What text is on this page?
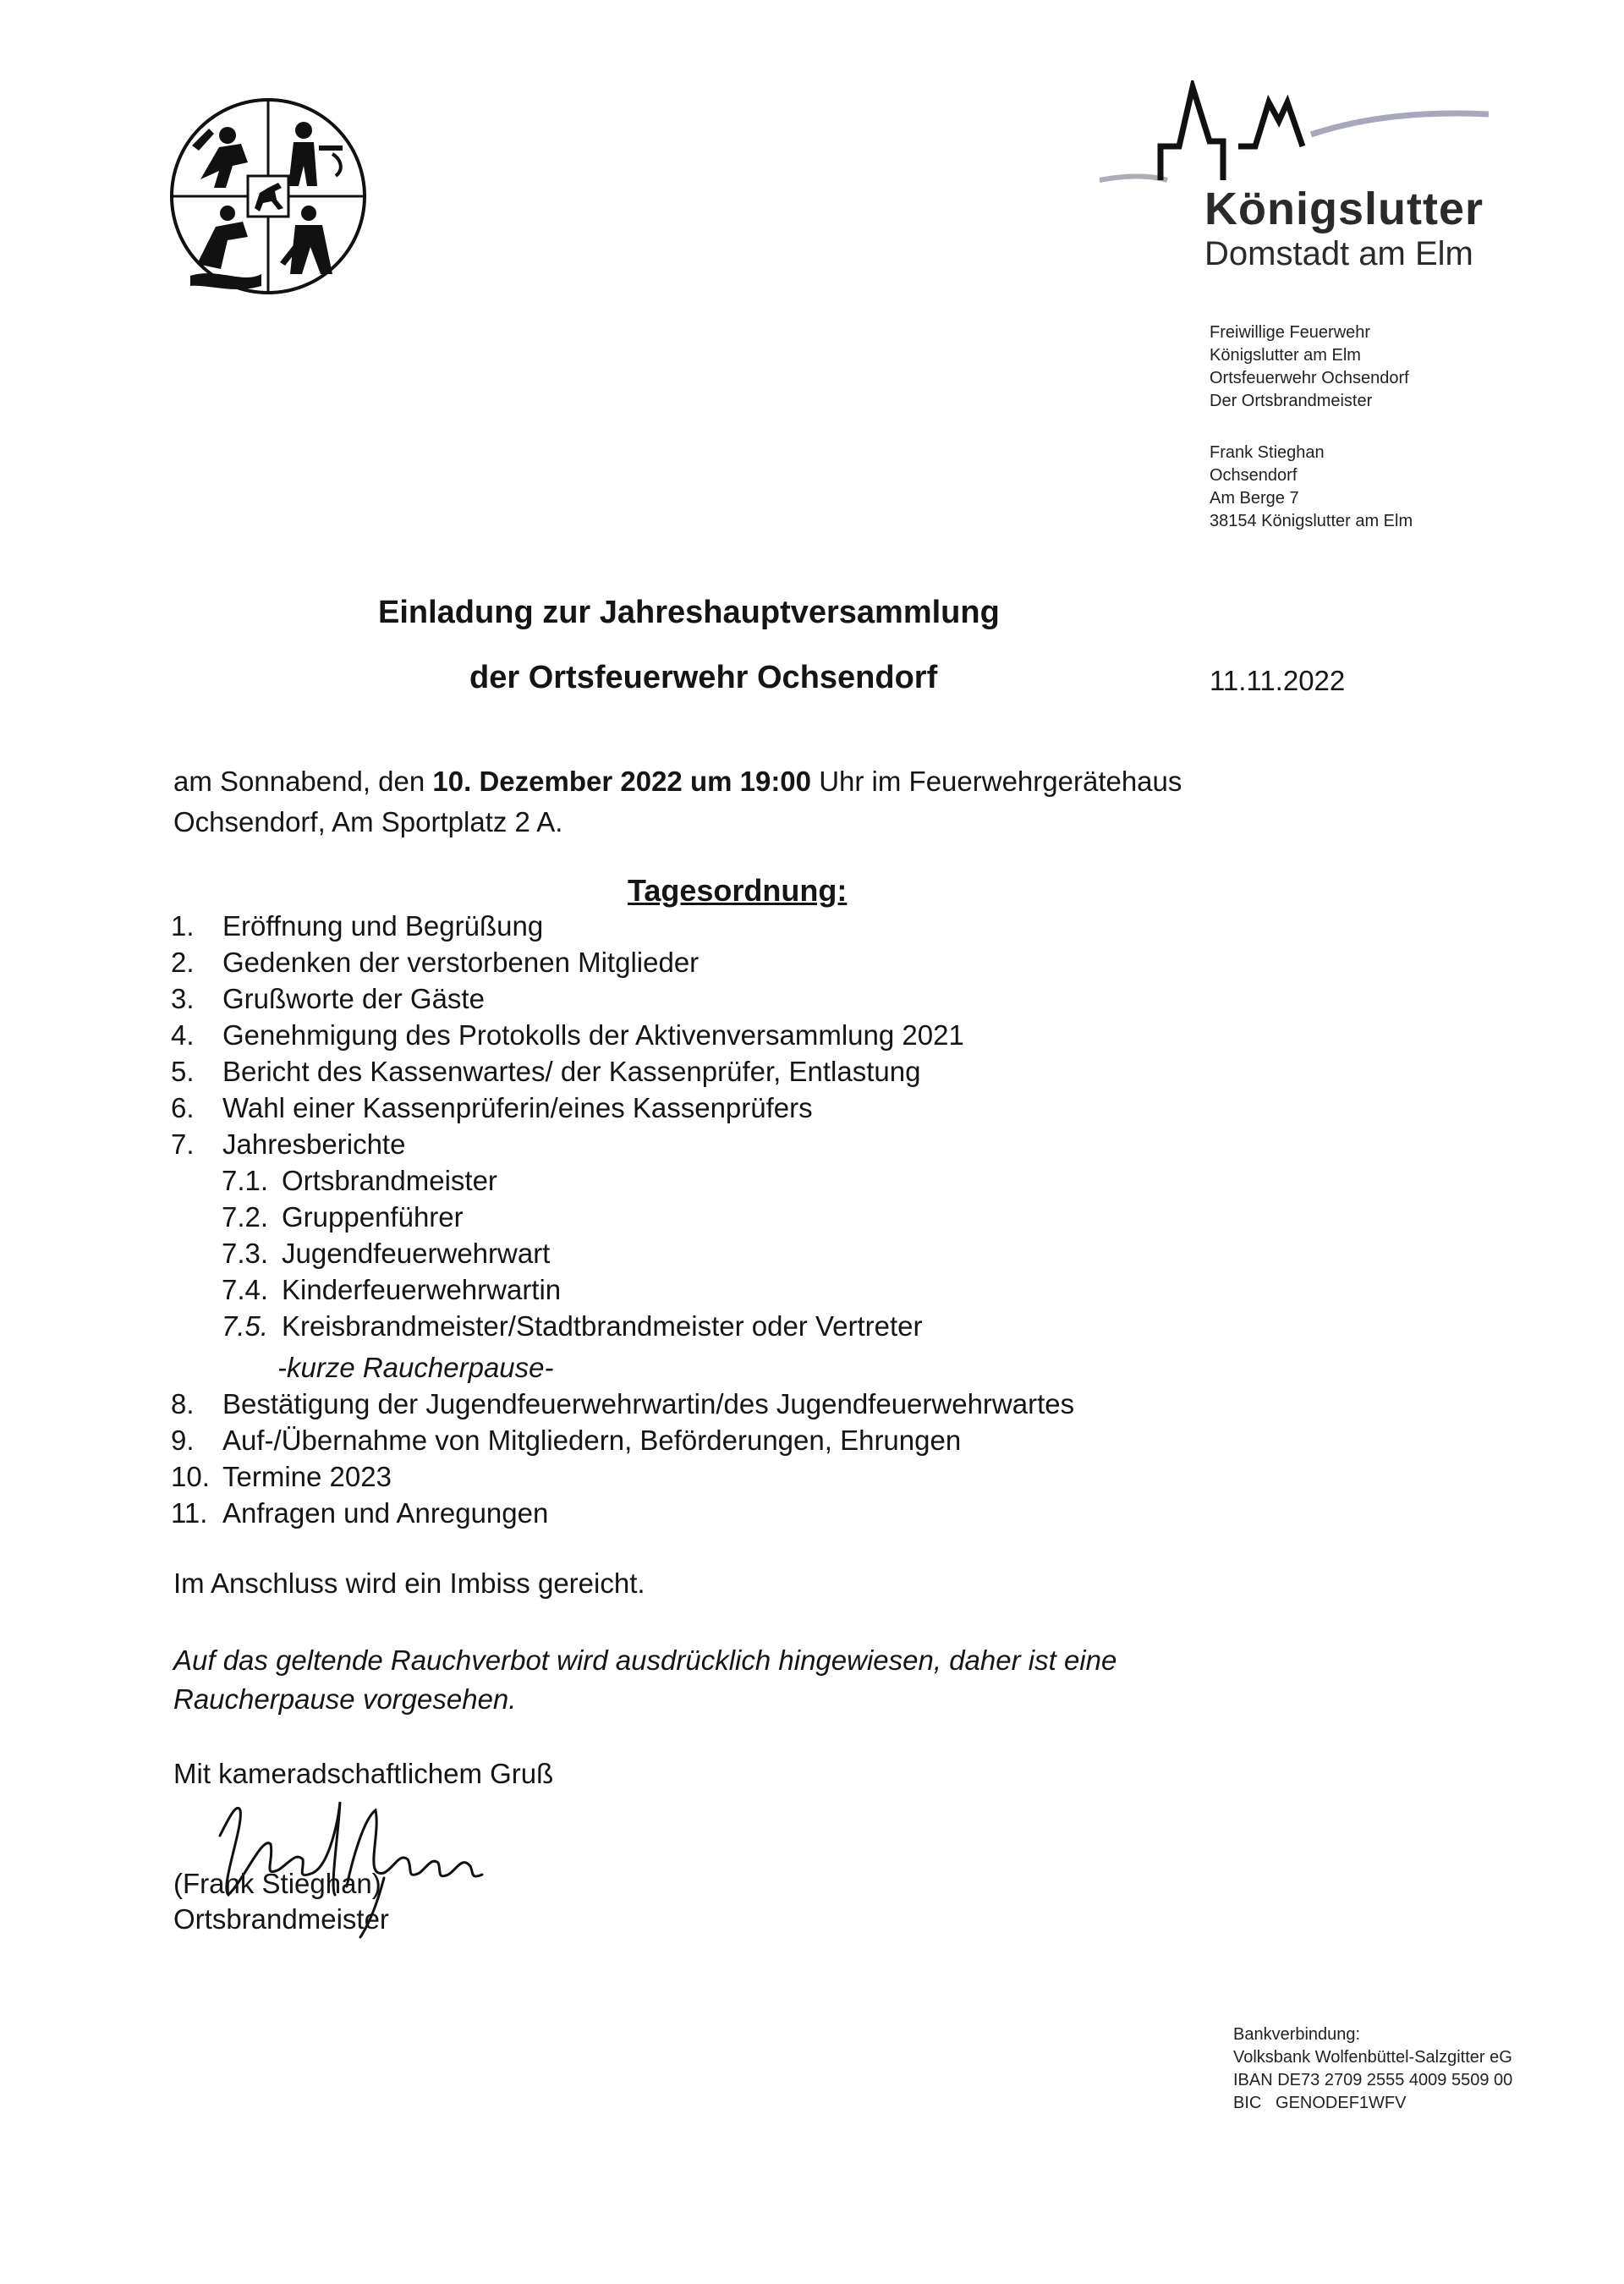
Königslutter
Domstadt am Elm
Freiwillige Feuerwehr
Königslutter am Elm
Ortsfeuerwehr Ochsendorf
Der Ortsbrandmeister
Frank Stieghan
Ochsendorf
Am Berge 7
38154 Königslutter am Elm
Einladung zur Jahreshauptversammlung
der Ortsfeuerwehr Ochsendorf	11.11.2022
am Sonnabend, den 10. Dezember 2022 um 19:00 Uhr im Feuerwehrgerätehaus
Ochsendorf, Am Sportplatz 2 A.
Tagesordnung:
1. Eröffnung und Begrüßung
2. Gedenken der verstorbenen Mitglieder
3. Grußworte der Gäste
4. Genehmigung des Protokolls der Aktivenversammlung 2021
5. Bericht des Kassenwartes/ der Kassenprüfer, Entlastung
6. Wahl einer Kassenprüferin/eines Kassenprüfers
7. Jahresberichte
7.1. Ortsbrandmeister
7.2. Gruppenführer
7.3. Jugendfeuerwehrwart
7.4. Kinderfeuerwehrwartin
7.5. Kreisbrandmeister/Stadtbrandmeister oder Vertreter
-kurze Raucherpause-
8. Bestätigung der Jugendfeuerwehrwartin/des Jugendfeuerwehrwartes
9. Auf-/Übernahme von Mitgliedern, Beförderungen, Ehrungen
10. Termine 2023
11. Anfragen und Anregungen
Im Anschluss wird ein Imbiss gereicht.
Auf das geltende Rauchverbot wird ausdrücklich hingewiesen, daher ist eine Raucherpause vorgesehen.
Mit kameradschaftlichem Gruß
(Frank Stieghan)
Ortsbrandmeister
Bankverbindung:
Volksbank Wolfenbüttel-Salzgitter eG
IBAN DE73 2709 2555 4009 5509 00
BIC   GENODEF1WFV
